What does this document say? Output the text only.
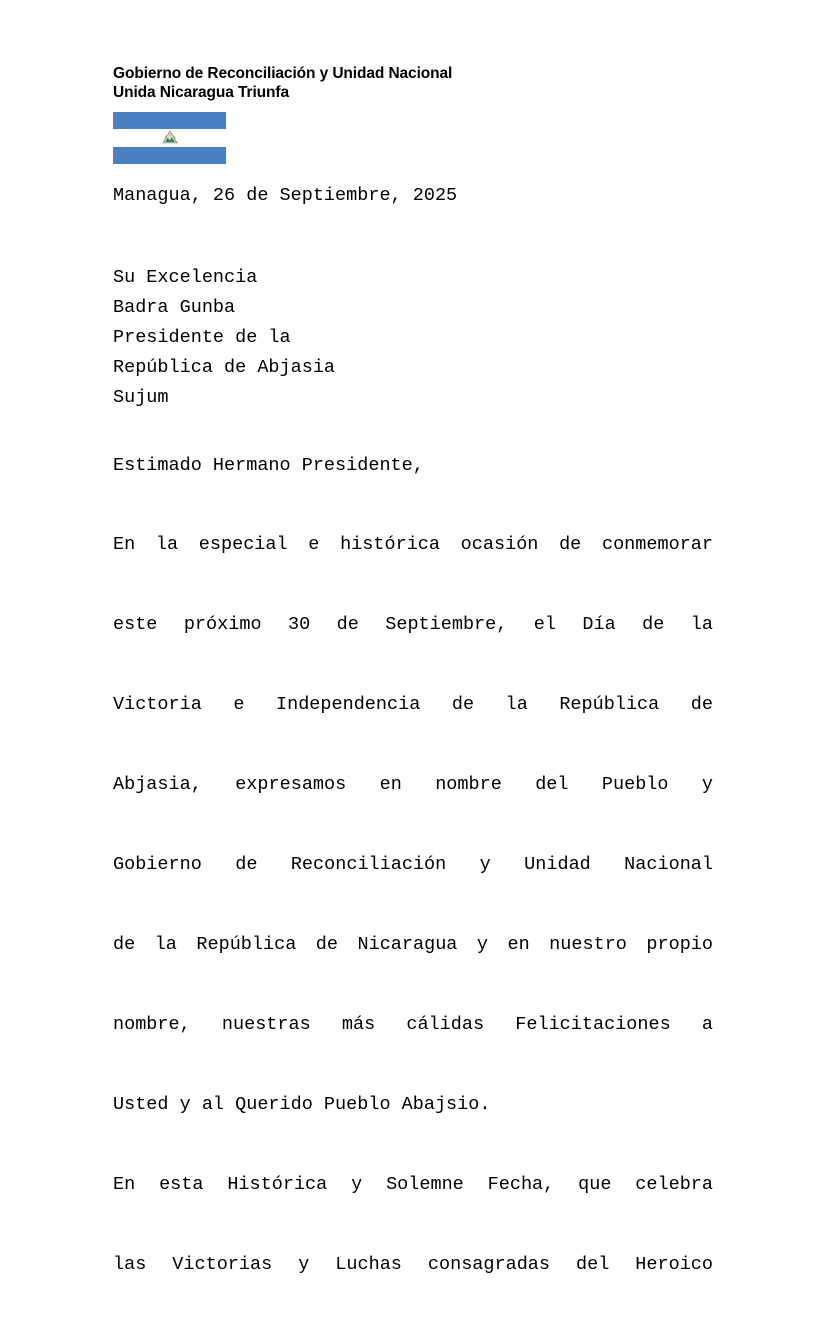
Gobierno de Reconciliación y Unidad Nacional
Unida Nicaragua Triunfa
Managua, 26 de Septiembre, 2025
Su Excelencia
Badra Gunba
Presidente de la
República de Abjasia
Sujum
Estimado Hermano Presidente,
En la especial e histórica ocasión de conmemorar
este próximo 30 de Septiembre, el Día de la
Victoria e Independencia de la República de
Abjasia, expresamos en nombre del Pueblo y
Gobierno de Reconciliación y Unidad Nacional
de la República de Nicaragua y en nuestro propio
nombre, nuestras más cálidas Felicitaciones a
Usted y al Querido Pueblo Abajsio.
En esta Histórica y Solemne Fecha, que celebra
las Victorias y Luchas consagradas del Heroico
